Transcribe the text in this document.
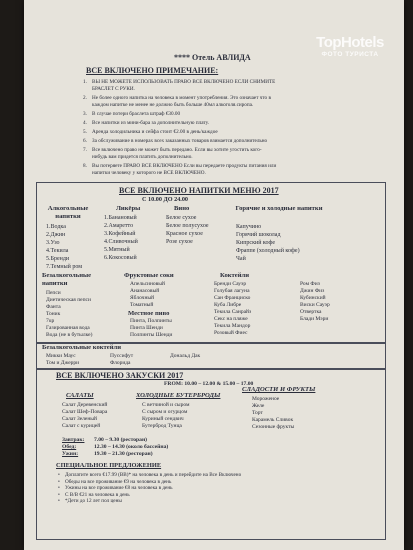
TopHotels
ФОТО ТУРИСТА
**** Отель АВЛИДА
ВСЕ ВКЛЮЧЕНО ПРИМЕЧАНИЕ:
1. ВЫ НЕ МОЖЕТЕ ИСПОЛЬЗОВАТЬ ПРАВО ВСЕ ВКЛЮЧЕНО ЕСЛИ СНИМИТЕ
БРАСЛЕТ С РУКИ.
2. Не более одного напитка на человека в момент употребления. Это означает что в
каждом напитке не менее не должно быть больше 40мл алкоголя.сиропа.
3. В случае потери браслета штраф €30.00
4. Все напитки из мини-бара за дополнительную плату.
5. Аренда холодильника и сейфа стоит €2.00 в день/каждое
6. За обслуживание в номерах всех заказанных товаров взимается дополнительно
7. Все включено право не может быть передано. Если вы хотите угостить кого-
нибудь вам придется платить дополнительно.
8. Вы потеряете ПРАВО ВСЕ ВКЛЮЧЕНО Если вы передаете продукты питания или
напитки человеку у которого не ВСЕ ВКЛЮЧЕНО.
ВСЕ ВКЛЮЧЕНО НАПИТКИ МЕНЮ 2017
С 10.00 ДО 24.00
Алкогольные напитки
1.Водка
2.Джин
3.Узо
4.Текила
5.Бренди
7.Темный ром
Ликёры
1.Банановый
2.Амаретто
3.Кофейный
4.Сливочный
5.Мятный
6.Кокосовый
Вино
Белое сухое
Белое полусухое
Красное сухое
Розе сухое
Горячие и холодные напитки
Капучино
Горячий шоколад
Кипрский кофе
Фраппе (холодный кофе)
Чай
Безалкогольные напитки
Пепси
Диетическая пепси
Фанта
Тоник
7up
Газированная вода
Вода (не в бутылке)
Фруктовые соки
Апельсиновый
Ананасовый
Яблочный
Томатный
Местное пиво
Пинта, Полпинты
Пинта Шенди
Полпинты Шенди
Коктейли
Бренди Сауэр
Голубая лагуна
Сан Франциско
Куба Либре
Текила Санрайз
Секс на пляже
Текила Мандор
Розовый Фиес
Ром Физ
Джин Физ
Кубинский
Виски Сауэр
Отвертка
Блади Мэри
Безалкогольные коктейли
Микки Маус
Том и Джерри
Пуссифут
Флорида
Дональд Дак
ВСЕ ВКЛЮЧЕНО ЗАКУСКИ 2017
FROM: 10.00 – 12.00 & 15.00 – 17.00
САЛАТЫ
Салат Деревенский
Салат Шеф-Повара
Салат Зеленый
Салат с курицей
ХОЛОДНЫЕ БУТЕРБРОДЫ
С ветчиной и сыром
С сыром и огурцом
Куриный сендвич
Бутерброд Тунца
СЛАДОСТИ И ФРУКТЫ
Мороженое
Желе
Торт
Карамель Сливок
Сезонные фрукты
Завтрак: 7.00 – 9.30 (ресторан)
Обед:	12.30 – 14.30 (около бассейна)
Ужин:	19.30 – 21.30 (ресторан)
СПЕЦИАЛЬНОЕ ПРЕДЛОЖЕНИЕ
• Доплатите всего €17.99 (ВВ)* на человека в день и перейдите на Все Включено
• Обеды на все проживание €9 на человека в день
• Ужины на все проживание €8 на человека в день
• С В/В €21 на человека в день
• *Дети до 12 лет пол цены
